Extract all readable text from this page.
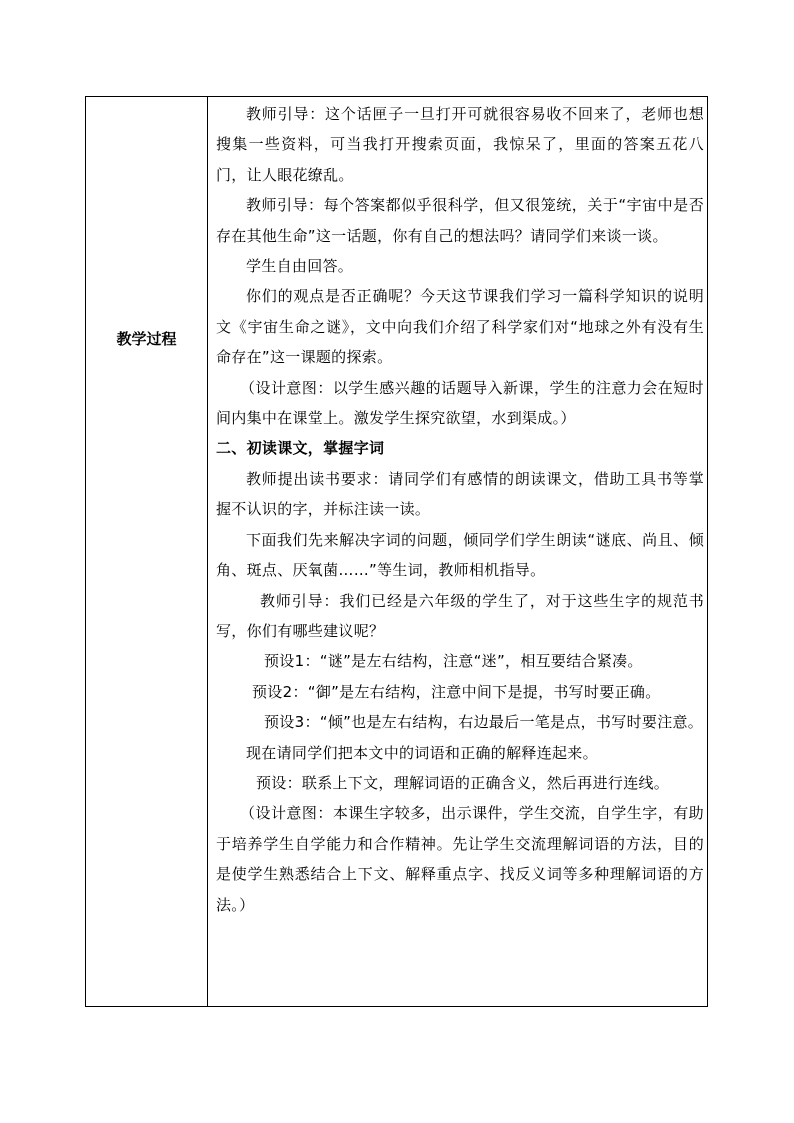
教学过程

教师引导：这个话匣子一旦打开可就很容易收不回来了，老师也想搜集一些资料，可当我打开搜索页面，我惊呆了，里面的答案五花八门，让人眼花缭乱。

教师引导：每个答案都似乎很科学，但又很笼统，关于“宇宙中是否存在其他生命”这一话题，你有自己的想法吗？请同学们来谈一谈。

学生自由回答。

你们的观点是否正确呢？今天这节课我们学习一篇科学知识的说明文《宇宙生命之谜》，文中向我们介绍了科学家们对“地球之外有没有生命存在”这一课题的探索。

（设计意图：以学生感兴趣的话题导入新课，学生的注意力会在短时间内集中在课堂上。激发学生探究欲望，水到渠成。）

二、初读课文，掌握字词

教师提出读书要求：请同学们有感情的朗读课文，借助工具书等掌握不认识的字，并标注读一读。

下面我们先来解决字词的问题，倾同学们学生朗读“谜底、尚且、倾角、斑点、厌氧菌……”等生词，教师相机指导。

教师引导：我们已经是六年级的学生了，对于这些生字的规范书写，你们有哪些建议呢？

预设1：“谜”是左右结构，注意“迷”，相互要结合紧凑。

预设2：“御”是左右结构，注意中间下是提，书写时要正确。

预设3：“倾”也是左右结构，右边最后一笔是点，书写时要注意。

现在请同学们把本文中的词语和正确的解释连起来。

预设：联系上下文，理解词语的正确含义，然后再进行连线。

（设计意图：本课生字较多，出示课件，学生交流，自学生字，有助于培养学生自学能力和合作精神。先让学生交流理解词语的方法，目的是使学生熟悉结合上下文、解释重点字、找反义词等多种理解词语的方法。）
